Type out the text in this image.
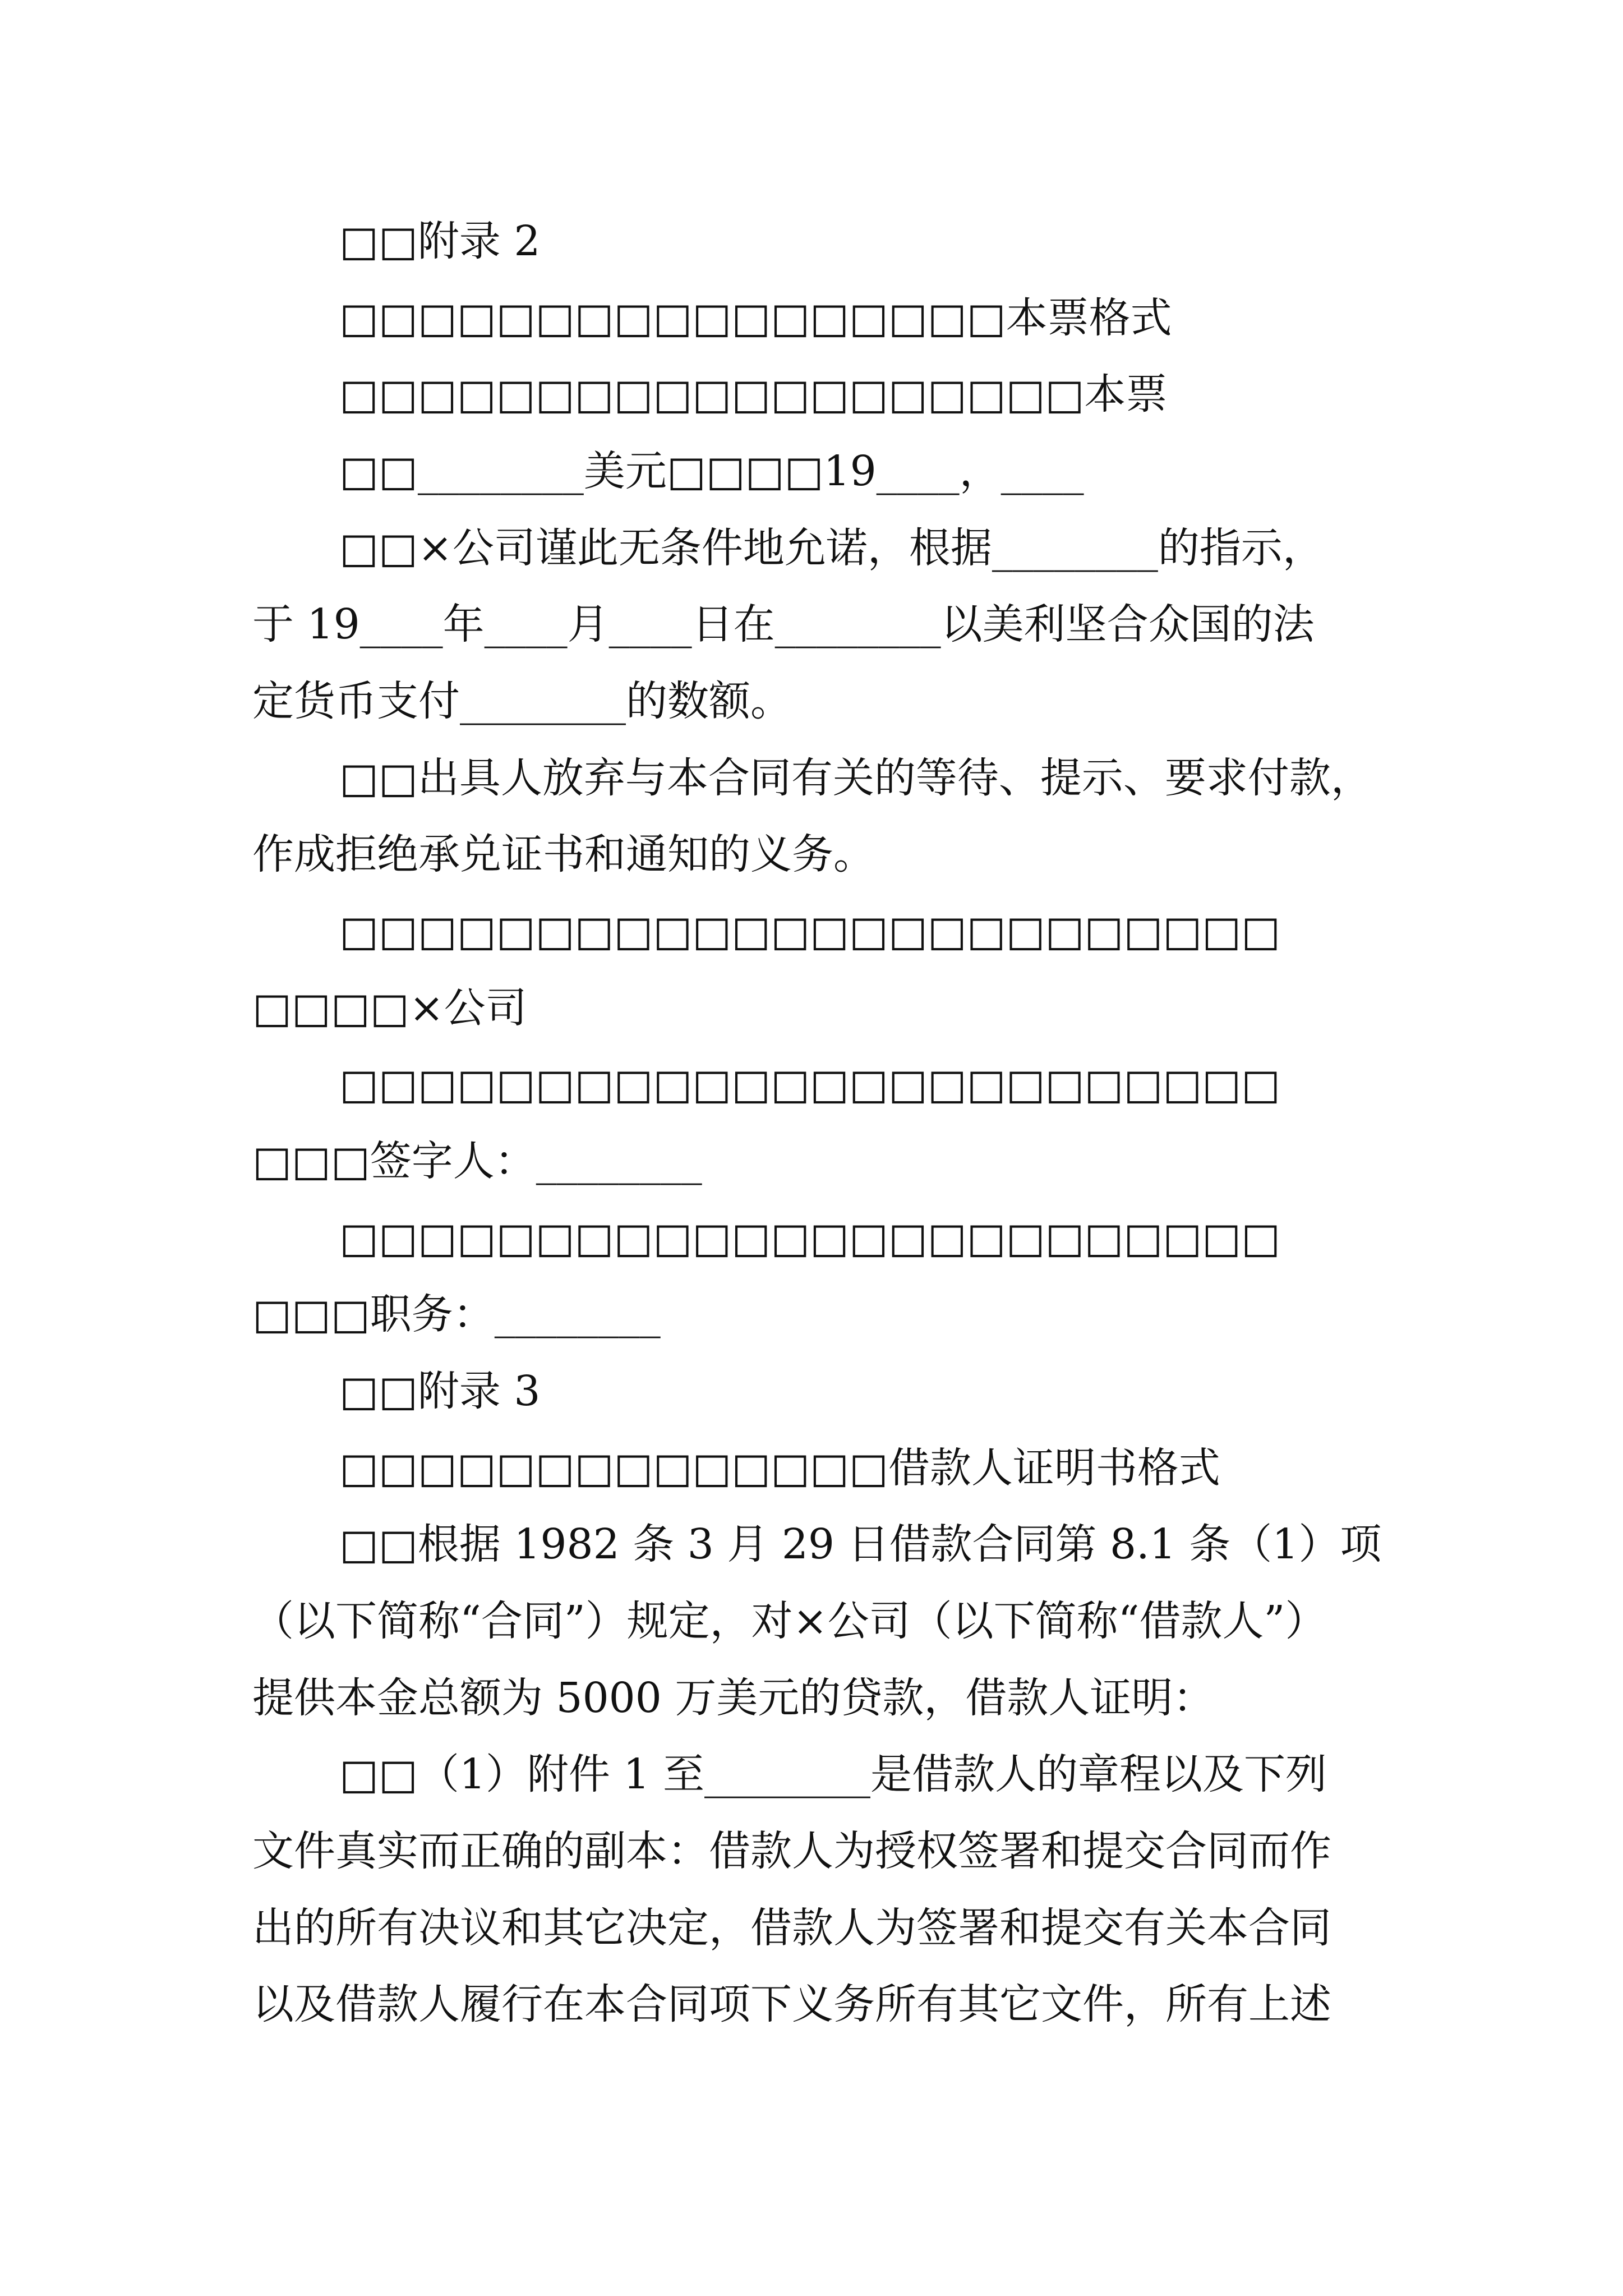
□□附录 2
□□□□□□□□□□□□□□□□□本票格式
□□□□□□□□□□□□□□□□□□□本票
□□________美元□□□□19____，____
□□×公司谨此无条件地允诺，根据________的指示，
于 19____年____月____日在________以美利坚合众国的法
定货币支付________的数额。
□□出具人放弃与本合同有关的等待、提示、要求付款，
作成拒绝承兑证书和通知的义务。
□□□□□□□□□□□□□□□□□□□□□□□□
□□□□×公司
□□□□□□□□□□□□□□□□□□□□□□□□
□□□签字人：________
□□□□□□□□□□□□□□□□□□□□□□□□
□□□职务：________
□□附录 3
□□□□□□□□□□□□□□借款人证明书格式
□□根据 1982 条 3 月 29 日借款合同第 8.1 条（1）项
（以下简称“合同”）规定，对×公司（以下简称“借款人”）
提供本金总额为 5000 万美元的贷款，借款人证明：
□□（1）附件 1 至________是借款人的章程以及下列
文件真实而正确的副本：借款人为授权签署和提交合同而作
出的所有决议和其它决定，借款人为签署和提交有关本合同
以及借款人履行在本合同项下义务所有其它文件，所有上述
